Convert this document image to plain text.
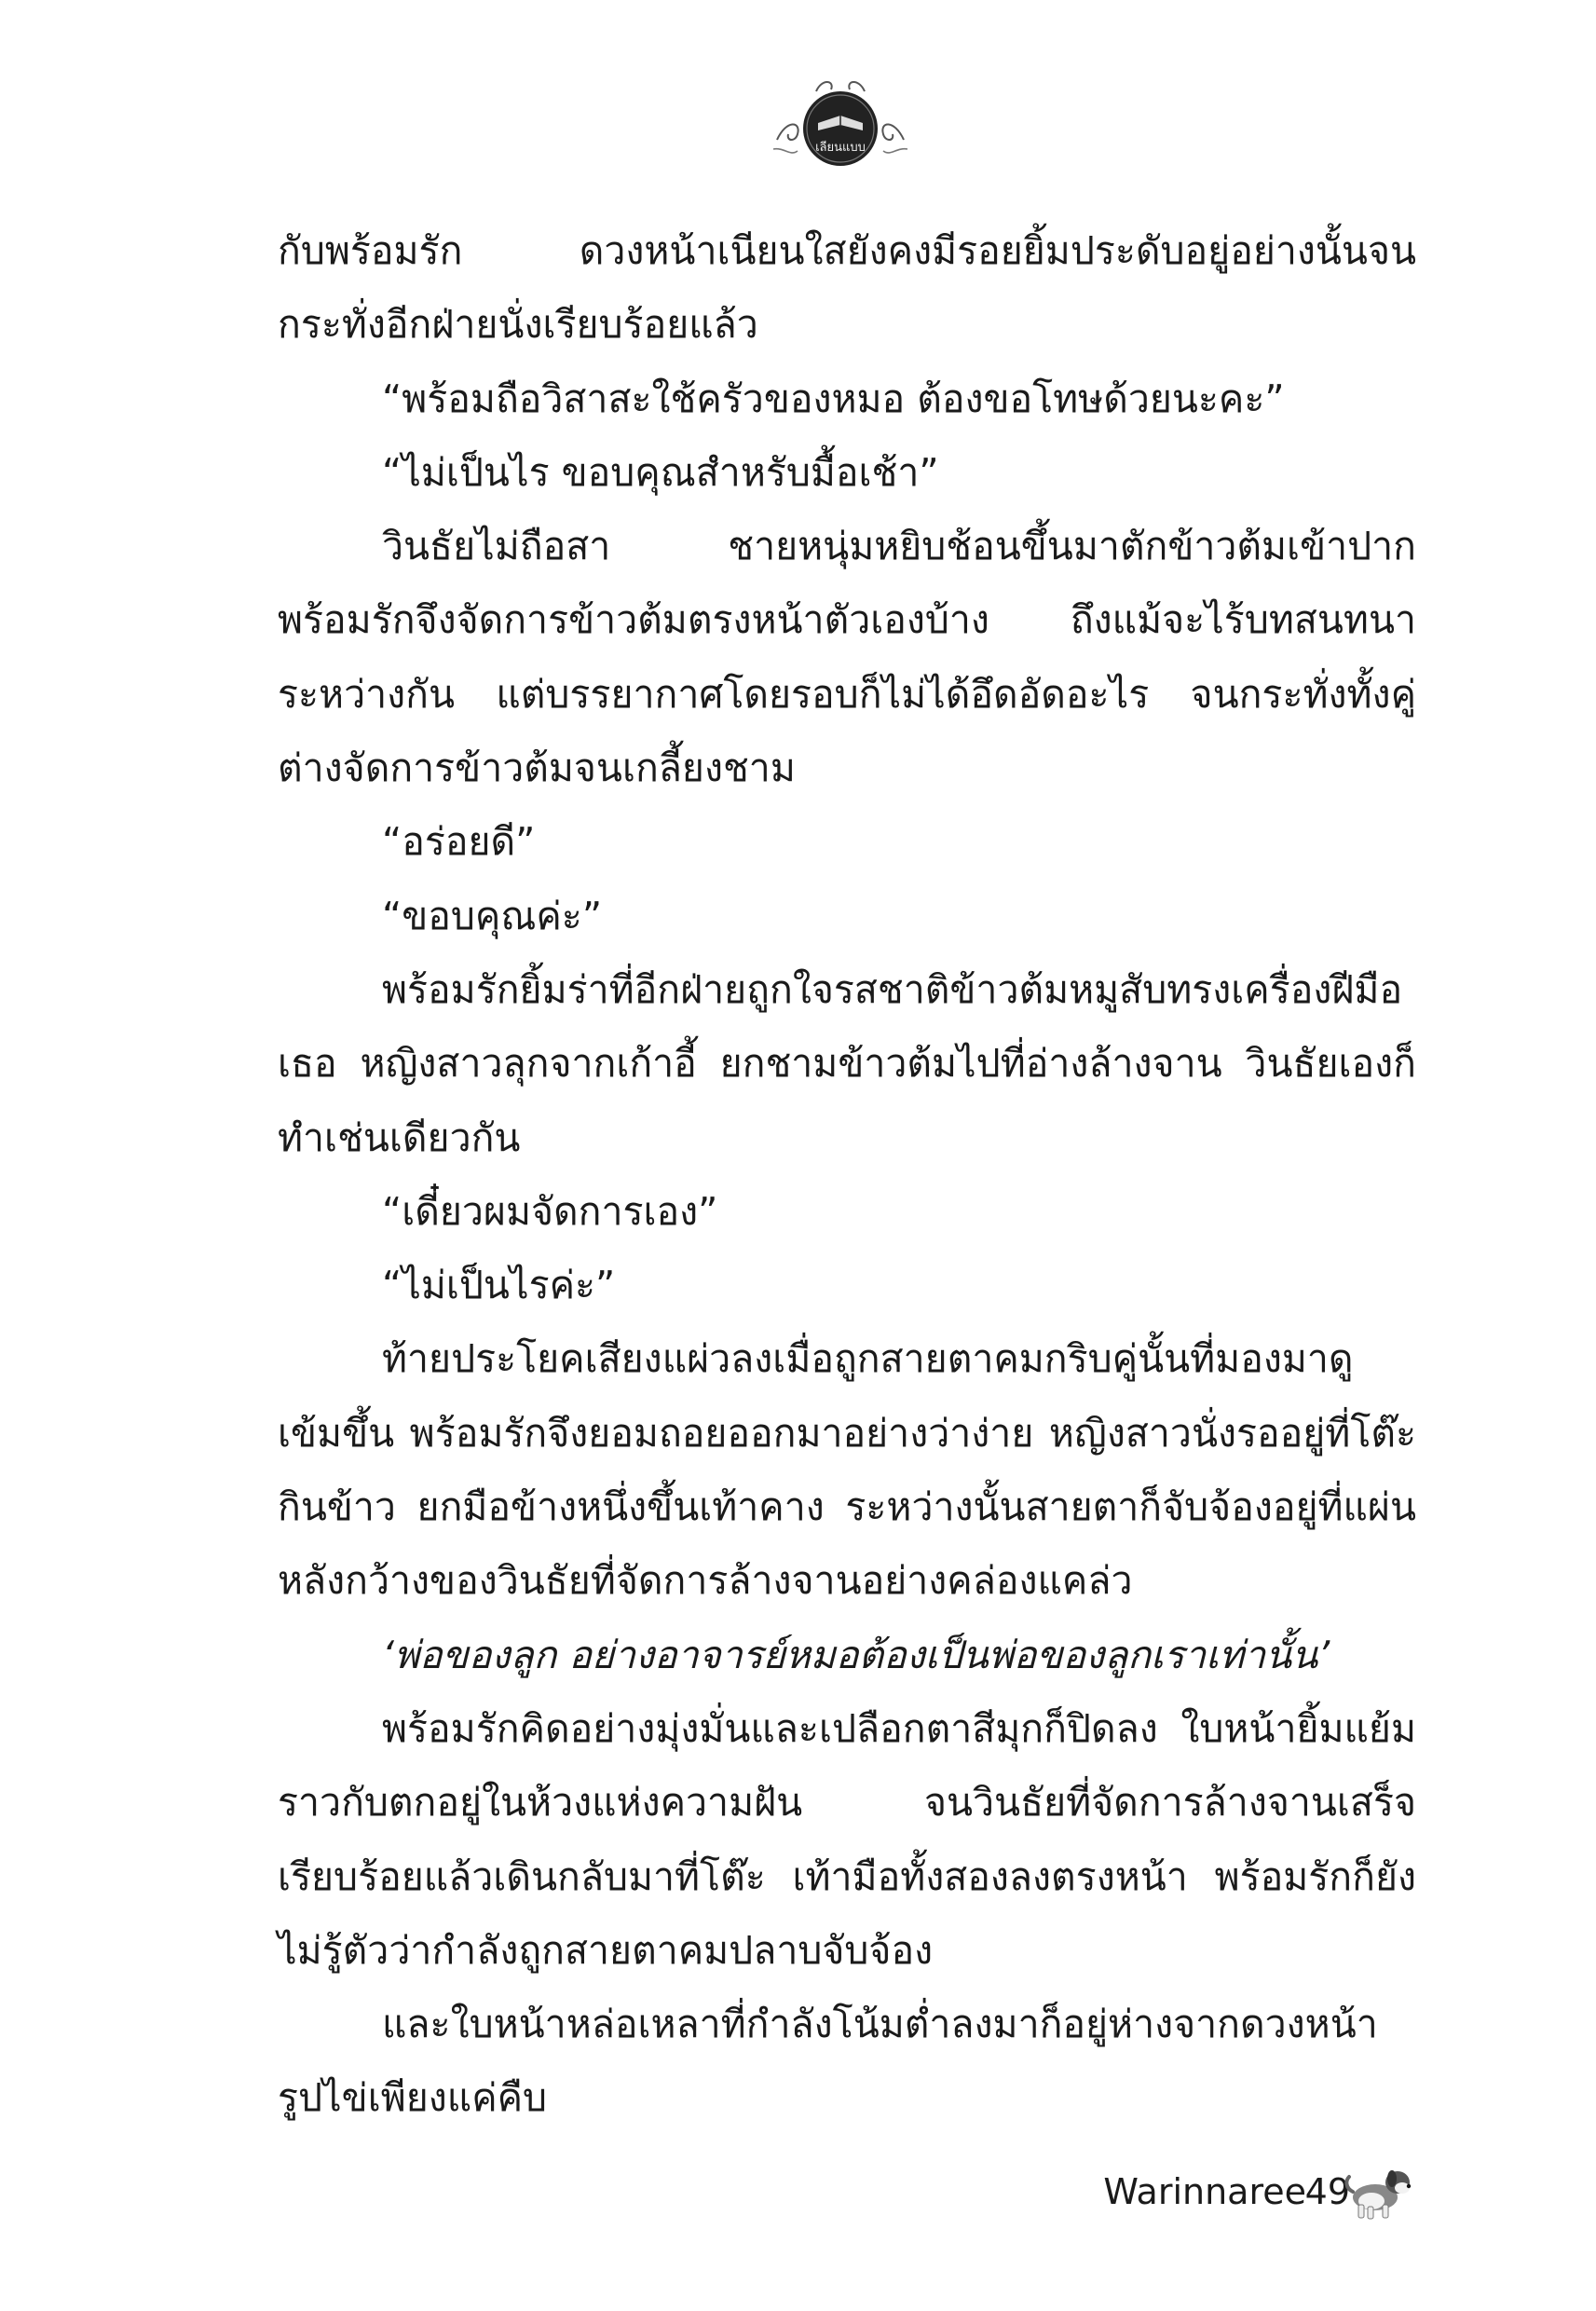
เลียนแบบ

กับพร้อมรัก ดวงหน้าเนียนใสยังคงมีรอยยิ้มประดับอยู่อย่างนั้นจนกระทั่งอีกฝ่ายนั่งเรียบร้อยแล้ว

“พร้อมถือวิสาสะใช้ครัวของหมอ ต้องขอโทษด้วยนะคะ”

“ไม่เป็นไร ขอบคุณสำหรับมื้อเช้า”

วินธัยไม่ถือสา ชายหนุ่มหยิบช้อนขึ้นมาตักข้าวต้มเข้าปาก พร้อมรักจึงจัดการข้าวต้มตรงหน้าตัวเองบ้าง ถึงแม้จะไร้บทสนทนาระหว่างกัน แต่บรรยากาศโดยรอบก็ไม่ได้อึดอัดอะไร จนกระทั่งทั้งคู่ต่างจัดการข้าวต้มจนเกลี้ยงชาม

“อร่อยดี”

“ขอบคุณค่ะ”

พร้อมรักยิ้มร่าที่อีกฝ่ายถูกใจรสชาติข้าวต้มหมูสับทรงเครื่องฝีมือเธอ หญิงสาวลุกจากเก้าอี้ ยกชามข้าวต้มไปที่อ่างล้างจาน วินธัยเองก็ทำเช่นเดียวกัน

“เดี๋ยวผมจัดการเอง”

“ไม่เป็นไรค่ะ”

ท้ายประโยคเสียงแผ่วลงเมื่อถูกสายตาคมกริบคู่นั้นที่มองมาดูเข้มขึ้น พร้อมรักจึงยอมถอยออกมาอย่างว่าง่าย หญิงสาวนั่งรออยู่ที่โต๊ะกินข้าว ยกมือข้างหนึ่งขึ้นเท้าคาง ระหว่างนั้นสายตาก็จับจ้องอยู่ที่แผ่นหลังกว้างของวินธัยที่จัดการล้างจานอย่างคล่องแคล่ว

‘พ่อของลูก อย่างอาจารย์หมอต้องเป็นพ่อของลูกเราเท่านั้น’

พร้อมรักคิดอย่างมุ่งมั่นและเปลือกตาสีมุกก็ปิดลง ใบหน้ายิ้มแย้มราวกับตกอยู่ในห้วงแห่งความฝัน จนวินธัยที่จัดการล้างจานเสร็จเรียบร้อยแล้วเดินกลับมาที่โต๊ะ เท้ามือทั้งสองลงตรงหน้า พร้อมรักก็ยังไม่รู้ตัวว่ากำลังถูกสายตาคมปลาบจับจ้อง

และใบหน้าหล่อเหลาที่กำลังโน้มต่ำลงมาก็อยู่ห่างจากดวงหน้ารูปไข่เพียงแค่คืบ

Warinnaree
49
